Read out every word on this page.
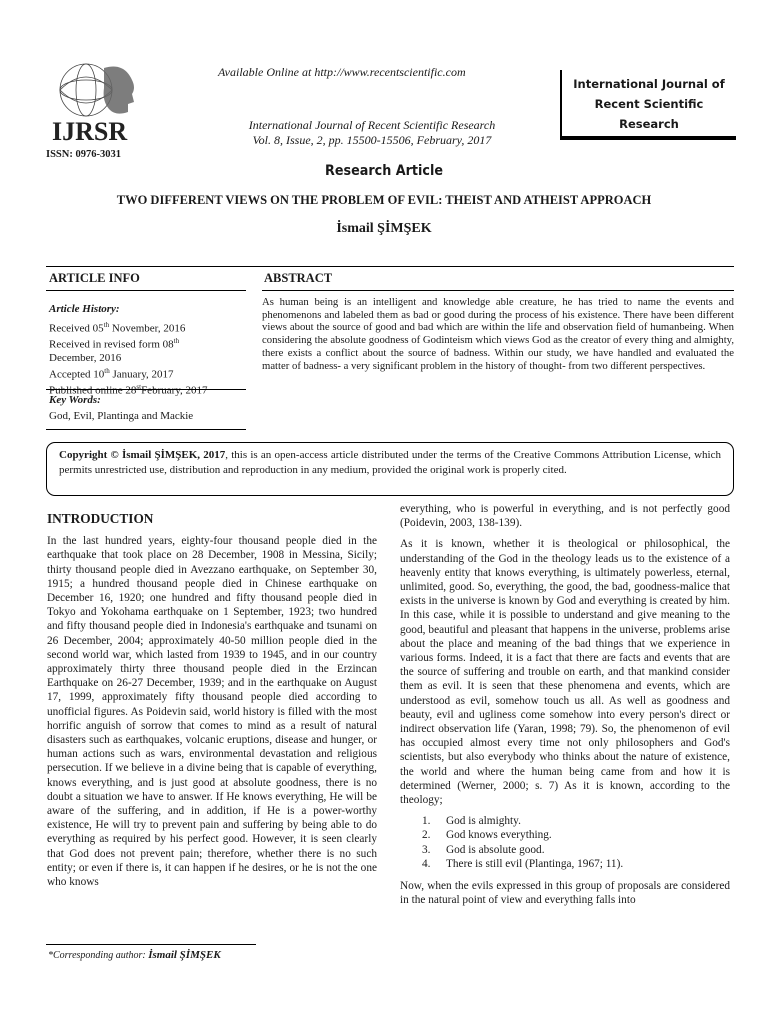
IJRSR
ISSN: 0976-3031
Available Online at http://www.recentscientific.com
International Journal of Recent Scientific Research
Vol. 8, Issue, 2, pp. 15500-15506, February, 2017
International Journal of
Recent Scientific
Research
Research Article
TWO DIFFERENT VIEWS ON THE PROBLEM OF EVIL: THEIST AND ATHEIST APPROACH
İsmail ŞİMŞEK
ARTICLE INFO	ABSTRACT
Article History:
Received 05th November, 2016
Received in revised form 08th
December, 2016
Accepted 10th January, 2017
Published online 28stFebruary, 2017
Key Words:
God, Evil, Plantinga and Mackie
As human being is an intelligent and knowledge able creature, he has tried to name the events and phenomenons and labeled them as bad or good during the process of his existence. There have been different views about the source of good and bad which are within the life and observation field of humanbeing. When considering the absolute goodness of Godinteism which views God as the creator of every thing and almighty, there exists a conflict about the source of badness. Within our study, we have handled and evaluated the matter of badness- a very significant problem in the history of thought- from two different perspectives.
Copyright © İsmail ŞİMŞEK, 2017, this is an open-access article distributed under the terms of the Creative Commons Attribution License, which permits unrestricted use, distribution and reproduction in any medium, provided the original work is properly cited.
INTRODUCTION
In the last hundred years, eighty-four thousand people died in the earthquake that took place on 28 December, 1908 in Messina, Sicily; thirty thousand people died in Avezzano earthquake, on September 30, 1915; a hundred thousand people died in Chinese earthquake on December 16, 1920; one hundred and fifty thousand people died in Tokyo and Yokohama earthquake on 1 September, 1923; two hundred and fifty thousand people died in Indonesia's earthquake and tsunami on 26 December, 2004; approximately 40-50 million people died in the second world war, which lasted from 1939 to 1945, and in our country approximately thirty three thousand people died in the Erzincan Earthquake on 26-27 December, 1939; and in the earthquake on August 17, 1999, approximately fifty thousand people died according to unofficial figures. As Poidevin said, world history is filled with the most horrific anguish of sorrow that comes to mind as a result of natural disasters such as earthquakes, volcanic eruptions, disease and hunger, or human actions such as wars, environmental devastation and religious persecution. If we believe in a divine being that is capable of everything, knows everything, and is just good at absolute goodness, there is no doubt a situation we have to answer. If He knows everything, He will be aware of the suffering, and in addition, if He is a power-worthy existence, He will try to prevent pain and suffering by being able to do everything as required by his perfect good. However, it is seen clearly that God does not prevent pain; therefore, whether there is no such entity; or even if there is, it can happen if he desires, or he is not the one who knows
everything, who is powerful in everything, and is not perfectly good (Poidevin, 2003, 138-139).
As it is known, whether it is theological or philosophical, the understanding of the God in the theology leads us to the existence of a heavenly entity that knows everything, is ultimately powerless, eternal, unlimited, good. So, everything, the good, the bad, goodness-malice that exists in the universe is known by God and everything is created by him. In this case, while it is possible to understand and give meaning to the good, beautiful and pleasant that happens in the universe, problems arise about the place and meaning of the bad things that we experience in various forms. Indeed, it is a fact that there are facts and events that are the source of suffering and trouble on earth, and that mankind consider them as evil. It is seen that these phenomena and events, which are understood as evil, somehow touch us all. As well as goodness and beauty, evil and ugliness come somehow into every person's direct or indirect observation life (Yaran, 1998; 79). So, the phenomenon of evil has occupied almost every time not only philosophers and God's scientists, but also everybody who thinks about the nature of existence, the world and where the human being came from and how it is determined (Werner, 2000; s. 7) As it is known, according to the theology;
1.	God is almighty.
2.	God knows everything.
3.	God is absolute good.
4.	There is still evil (Plantinga, 1967; 11).
Now, when the evils expressed in this group of proposals are considered in the natural point of view and everything falls into
*Corresponding author: İsmail ŞİMŞEK
